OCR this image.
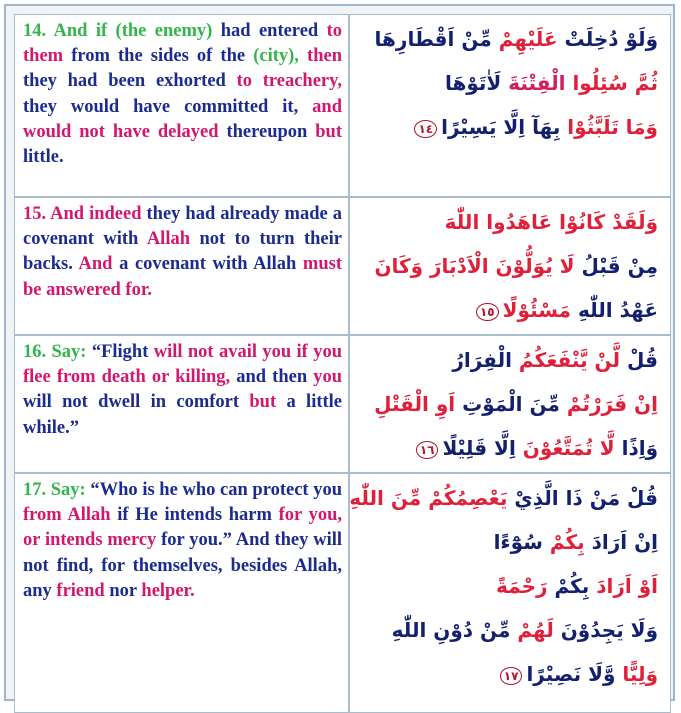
14. And if (the enemy) had entered to them from the sides of the (city), then they had been exhorted to treachery, they would have committed it, and would not have delayed thereupon but little.	وَلَوْ دُخِلَتْ عَلَيْهِمْ مِّنْ اَقْطَارِهَا
ثُمَّ سُئِلُوا الْفِتْنَةَ لَاٰتَوْهَا
وَمَا تَلَبَّثُوْا بِهَآ اِلَّا يَسِيْرًا١٤

15. And indeed they had already made a covenant with Allah not to turn their backs. And a covenant with Allah must be answered for.	وَلَقَدْ كَانُوْا عَاهَدُوا اللّٰهَ
مِنْ قَبْلُ لَا يُوَلُّوْنَ الْاَدْبَارَ وَكَانَ
عَهْدُ اللّٰهِ مَسْئُوْلًا١٥

16. Say: “Flight will not avail you if you flee from death or killing, and then you will not dwell in comfort but a little while.”	قُلْ لَّنْ يَّنْفَعَكُمُ الْفِرَارُ
اِنْ فَرَرْتُمْ مِّنَ الْمَوْتِ اَوِ الْقَتْلِ
وَاِذًا لَّا تُمَتَّعُوْنَ اِلَّا قَلِيْلًا١٦

17. Say: “Who is he who can protect you from Allah if He intends harm for you, or intends mercy for you.” And they will not find, for themselves, besides Allah, any friend nor helper.	قُلْ مَنْ ذَا الَّذِيْ يَعْصِمُكُمْ مِّنَ اللّٰهِ
اِنْ اَرَادَ بِكُمْ سُوْٓءًا
اَوْ اَرَادَ بِكُمْ رَحْمَةً
وَلَا يَجِدُوْنَ لَهُمْ مِّنْ دُوْنِ اللّٰهِ
وَلِيًّا وَّلَا نَصِيْرًا١٧
